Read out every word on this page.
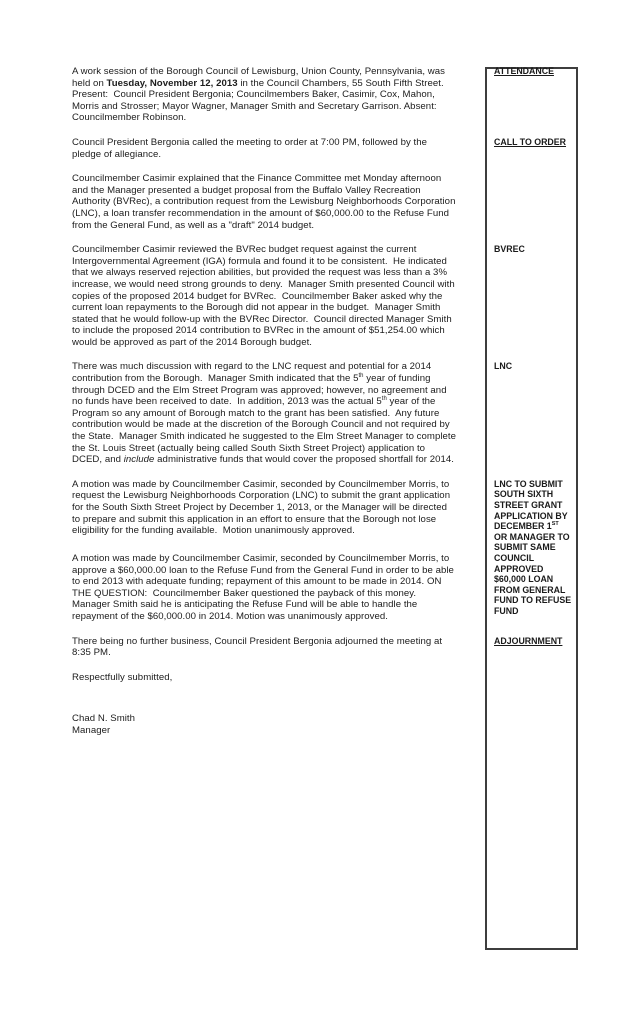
A work session of the Borough Council of Lewisburg, Union County, Pennsylvania, was
held on Tuesday, November 12, 2013 in the Council Chambers, 55 South Fifth Street.
Present:  Council President Bergonia; Councilmembers Baker, Casimir, Cox, Mahon,
Morris and Strosser; Mayor Wagner, Manager Smith and Secretary Garrison. Absent:
Councilmember Robinson.
ATTENDANCE
Council President Bergonia called the meeting to order at 7:00 PM, followed by the
pledge of allegiance.
CALL TO ORDER
Councilmember Casimir explained that the Finance Committee met Monday afternoon
and the Manager presented a budget proposal from the Buffalo Valley Recreation
Authority (BVRec), a contribution request from the Lewisburg Neighborhoods Corporation
(LNC), a loan transfer recommendation in the amount of $60,000.00 to the Refuse Fund
from the General Fund, as well as a "draft" 2014 budget.
Councilmember Casimir reviewed the BVRec budget request against the current
Intergovernmental Agreement (IGA) formula and found it to be consistent.  He indicated
that we always reserved rejection abilities, but provided the request was less than a 3%
increase, we would need strong grounds to deny.  Manager Smith presented Council with
copies of the proposed 2014 budget for BVRec.  Councilmember Baker asked why the
current loan repayments to the Borough did not appear in the budget.  Manager Smith
stated that he would follow-up with the BVRec Director.  Council directed Manager Smith
to include the proposed 2014 contribution to BVRec in the amount of $51,254.00 which
would be approved as part of the 2014 Borough budget.
BVREC
There was much discussion with regard to the LNC request and potential for a 2014
contribution from the Borough.  Manager Smith indicated that the 5th year of funding
through DCED and the Elm Street Program was approved; however, no agreement and
no funds have been received to date.  In addition, 2013 was the actual 5th year of the
Program so any amount of Borough match to the grant has been satisfied.  Any future
contribution would be made at the discretion of the Borough Council and not required by
the State.  Manager Smith indicated he suggested to the Elm Street Manager to complete
the St. Louis Street (actually being called South Sixth Street Project) application to
DCED, and include administrative funds that would cover the proposed shortfall for 2014.
LNC
A motion was made by Councilmember Casimir, seconded by Councilmember Morris, to
request the Lewisburg Neighborhoods Corporation (LNC) to submit the grant application
for the South Sixth Street Project by December 1, 2013, or the Manager will be directed
to prepare and submit this application in an effort to ensure that the Borough not lose
eligibility for the funding available.  Motion unanimously approved.
LNC TO SUBMIT
SOUTH SIXTH
STREET GRANT
APPLICATION BY
DECEMBER 1ST
OR MANAGER TO
SUBMIT SAME
A motion was made by Councilmember Casimir, seconded by Councilmember Morris, to
approve a $60,000.00 loan to the Refuse Fund from the General Fund in order to be able
to end 2013 with adequate funding; repayment of this amount to be made in 2014. ON
THE QUESTION:  Councilmember Baker questioned the payback of this money.
Manager Smith said he is anticipating the Refuse Fund will be able to handle the
repayment of the $60,000.00 in 2014. Motion was unanimously approved.
COUNCIL
APPROVED
$60,000 LOAN
FROM GENERAL
FUND TO REFUSE
FUND
There being no further business, Council President Bergonia adjourned the meeting at
8:35 PM.
ADJOURNMENT
Respectfully submitted,
Chad N. Smith
Manager
